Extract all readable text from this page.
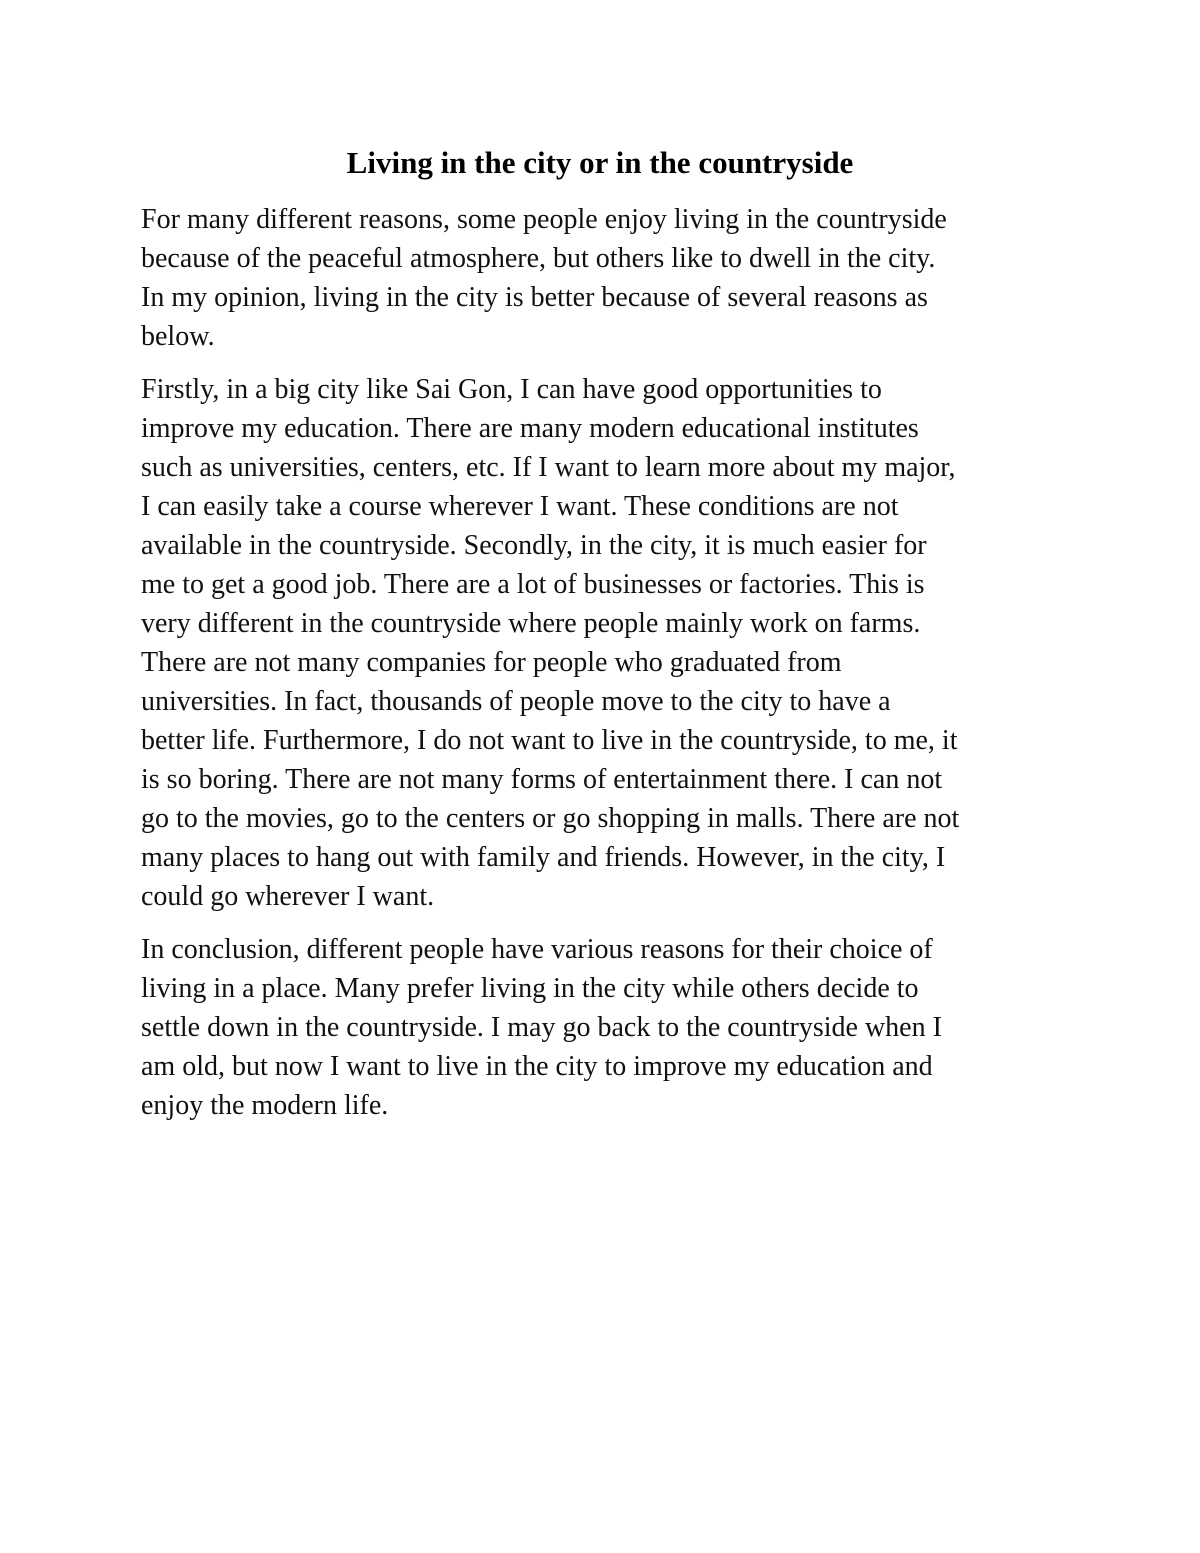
Living in the city or in the countryside

For many different reasons, some people enjoy living in the countryside
because of the peaceful atmosphere, but others like to dwell in the city.
In my opinion, living in the city is better because of several reasons as
below.

Firstly, in a big city like Sai Gon, I can have good opportunities to
improve my education. There are many modern educational institutes
such as universities, centers, etc. If I want to learn more about my major,
I can easily take a course wherever I want. These conditions are not
available in the countryside. Secondly, in the city, it is much easier for
me to get a good job. There are a lot of businesses or factories. This is
very different in the countryside where people mainly work on farms.
There are not many companies for people who graduated from
universities. In fact, thousands of people move to the city to have a
better life. Furthermore, I do not want to live in the countryside, to me, it
is so boring. There are not many forms of entertainment there. I can not
go to the movies, go to the centers or go shopping in malls. There are not
many places to hang out with family and friends. However, in the city, I
could go wherever I want.

In conclusion, different people have various reasons for their choice of
living in a place. Many prefer living in the city while others decide to
settle down in the countryside. I may go back to the countryside when I
am old, but now I want to live in the city to improve my education and
enjoy the modern life.
